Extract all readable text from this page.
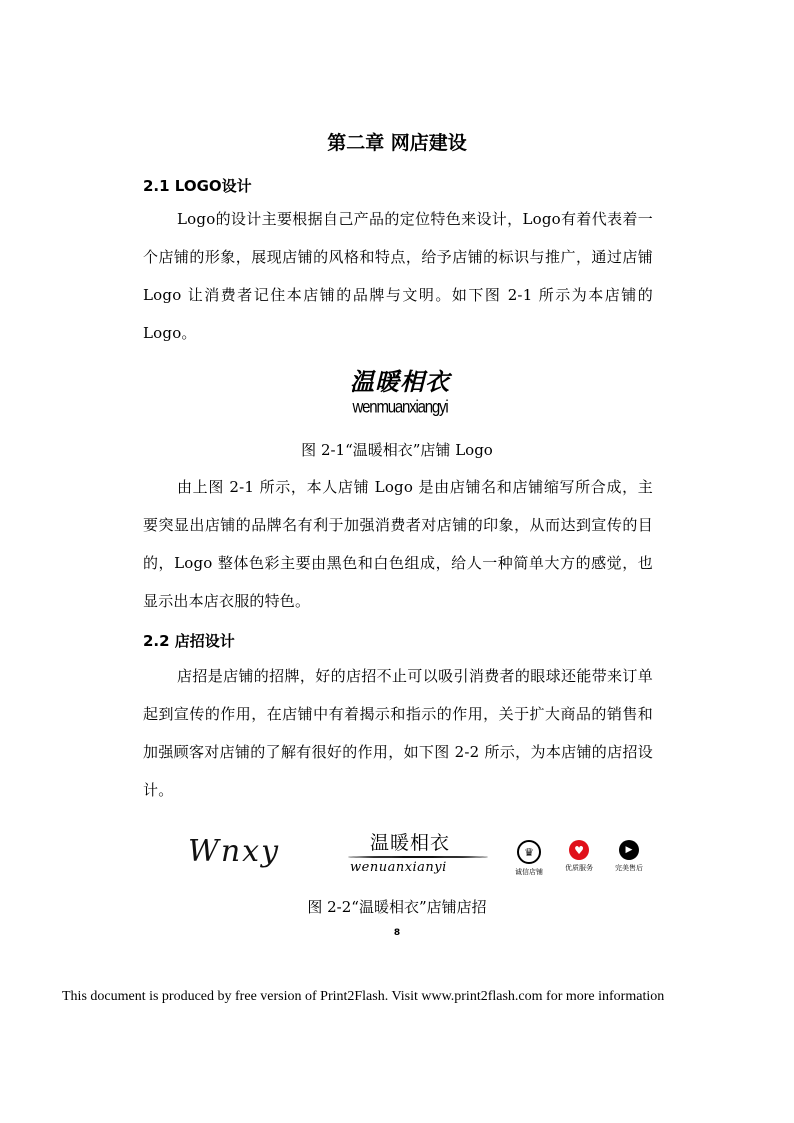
第二章 网店建设
2.1 LOGO设计
Logo的设计主要根据自己产品的定位特色来设计，Logo有着代表着一个店铺的形象，展现店铺的风格和特点，给予店铺的标识与推广，通过店铺 Logo 让消费者记住本店铺的品牌与文明。如下图 2-1 所示为本店铺的Logo。
温暖相衣
wenmuanxiangyi
图 2-1“温暖相衣”店铺 Logo
由上图 2-1 所示，本人店铺 Logo 是由店铺名和店铺缩写所合成，主要突显出店铺的品牌名有利于加强消费者对店铺的印象，从而达到宣传的目的，Logo 整体色彩主要由黑色和白色组成，给人一种简单大方的感觉，也显示出本店衣服的特色。
2.2 店招设计
店招是店铺的招牌，好的店招不止可以吸引消费者的眼球还能带来订单起到宣传的作用，在店铺中有着揭示和指示的作用，关于扩大商品的销售和加强顾客对店铺的了解有很好的作用，如下图 2-2 所示，为本店铺的店招设计。
Wnxy	温暖相衣
wenuanxianyi
♛
诚信店铺
♥
优质服务
▶
完美售后
图 2-2“温暖相衣”店铺店招
8
This document is produced by free version of Print2Flash. Visit www.print2flash.com for more information
